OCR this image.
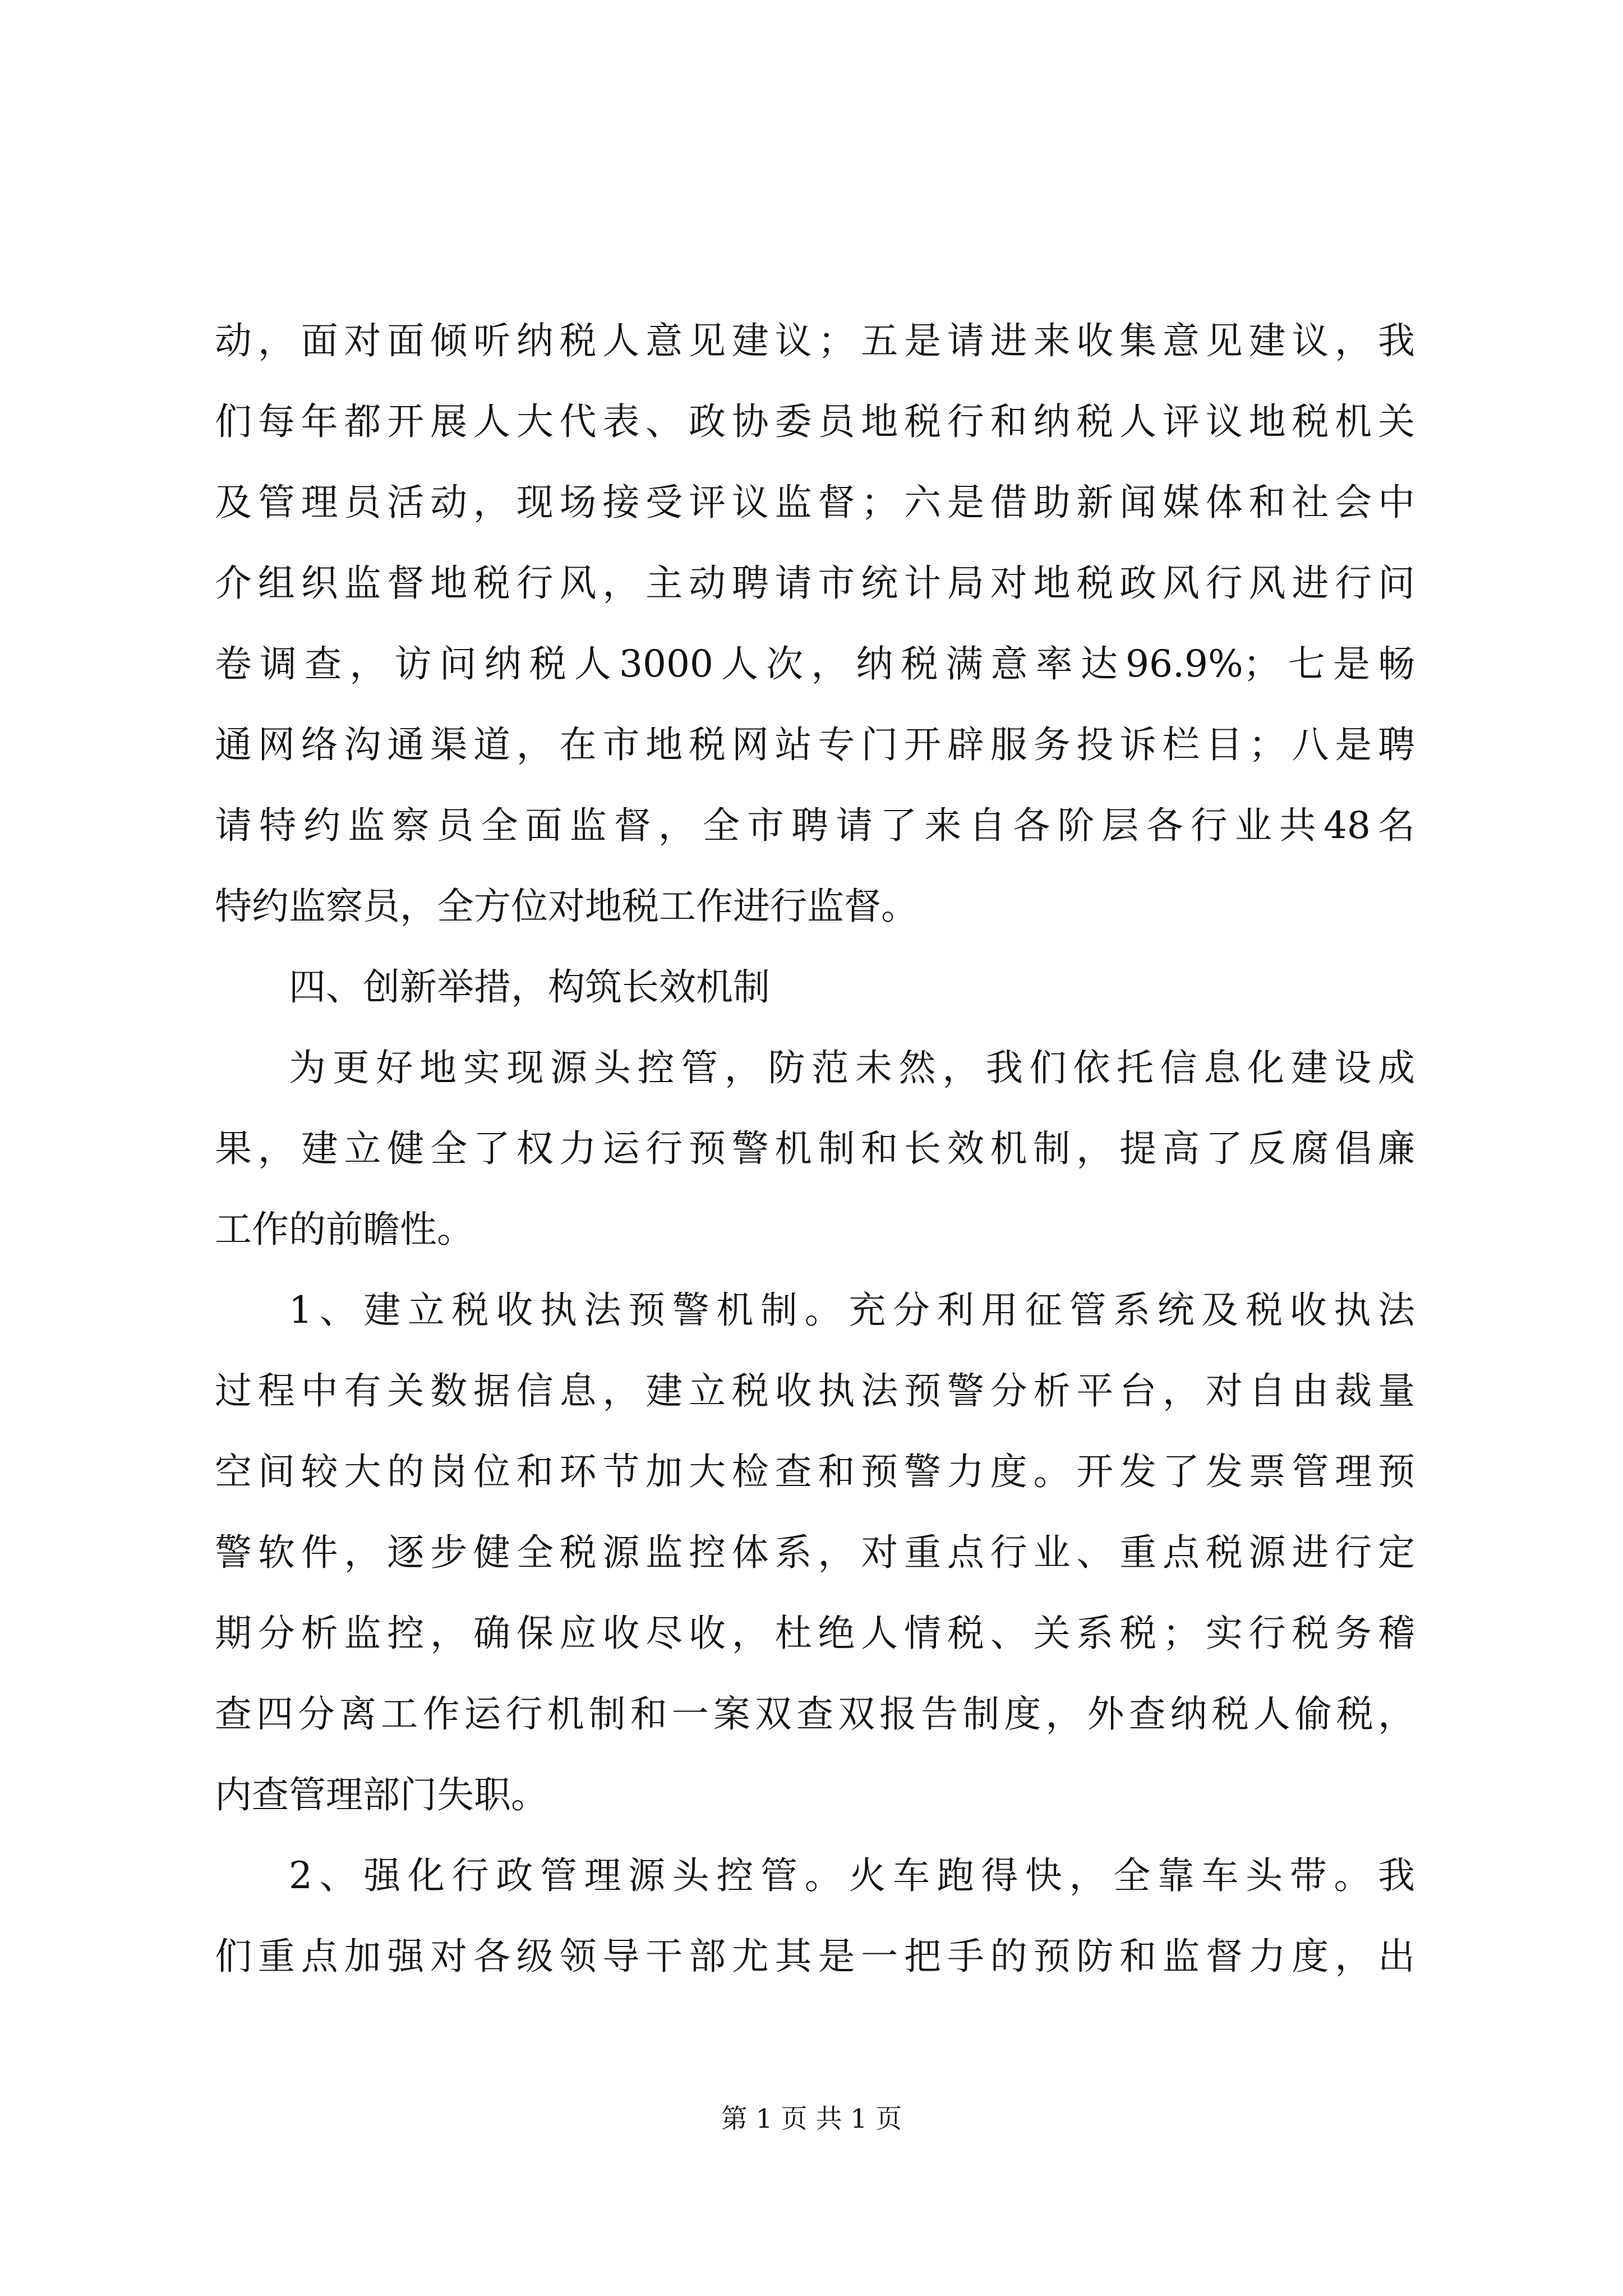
动，面对面倾听纳税人意见建议；五是请进来收集意见建议，我
们每年都开展人大代表、政协委员地税行和纳税人评议地税机关
及管理员活动，现场接受评议监督；六是借助新闻媒体和社会中
介组织监督地税行风，主动聘请市统计局对地税政风行风进行问
卷调查，访问纳税人3000人次，纳税满意率达96.9%；七是畅
通网络沟通渠道，在市地税网站专门开辟服务投诉栏目；八是聘
请特约监察员全面监督，全市聘请了来自各阶层各行业共48名
特约监察员，全方位对地税工作进行监督。
四、创新举措，构筑长效机制
为更好地实现源头控管，防范未然，我们依托信息化建设成
果，建立健全了权力运行预警机制和长效机制，提高了反腐倡廉
工作的前瞻性。
1、建立税收执法预警机制。充分利用征管系统及税收执法
过程中有关数据信息，建立税收执法预警分析平台，对自由裁量
空间较大的岗位和环节加大检查和预警力度。开发了发票管理预
警软件，逐步健全税源监控体系，对重点行业、重点税源进行定
期分析监控，确保应收尽收，杜绝人情税、关系税；实行税务稽
查四分离工作运行机制和一案双查双报告制度，外查纳税人偷税，
内查管理部门失职。
2、强化行政管理源头控管。火车跑得快，全靠车头带。我
们重点加强对各级领导干部尤其是一把手的预防和监督力度，出
第 1 页 共 1 页
